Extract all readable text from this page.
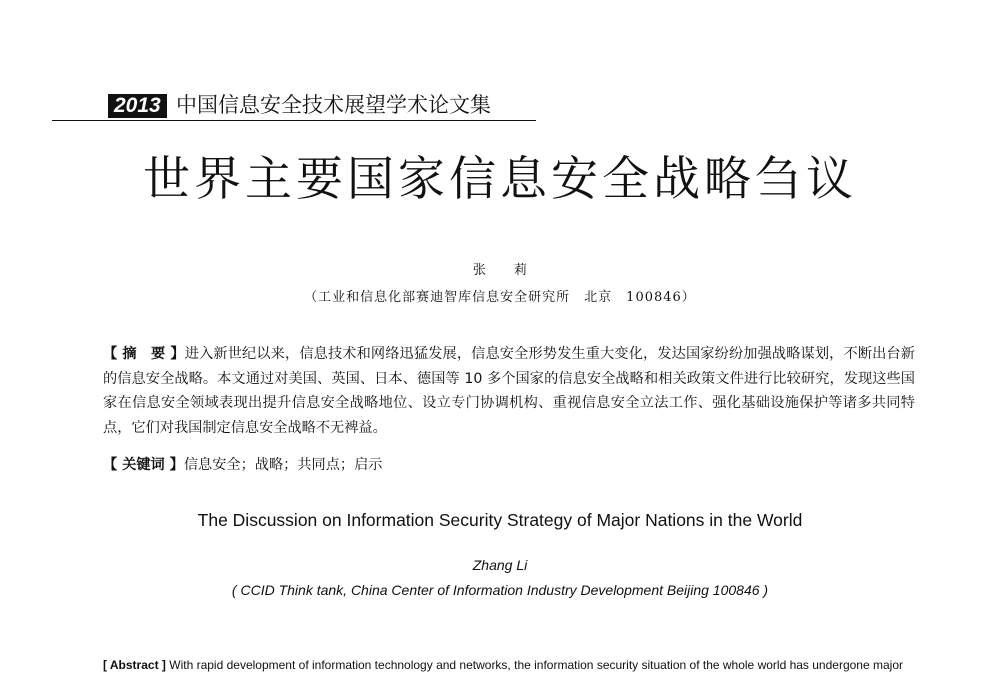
2013 中国信息安全技术展望学术论文集
世界主要国家信息安全战略刍议
张 莉
（工业和信息化部赛迪智库信息安全研究所　北京　100846）

【 摘　要 】进入新世纪以来，信息技术和网络迅猛发展，信息安全形势发生重大变化，发达国家纷纷加强战略谋划，不断出台新的信息安全战略。本文通过对美国、英国、日本、德国等 10 多个国家的信息安全战略和相关政策文件进行比较研究，发现这些国家在信息安全领域表现出提升信息安全战略地位、设立专门协调机构、重视信息安全立法工作、强化基础设施保护等诸多共同特点，它们对我国制定信息安全战略不无裨益。

【 关键词 】信息安全；战略；共同点；启示

The Discussion on Information Security Strategy of Major Nations in the World
Zhang Li
( CCID Think tank, China Center of Information Industry Development Beijing 100846 )
[ Abstract ] With rapid development of information technology and networks, the information security situation of the whole world has undergone major
